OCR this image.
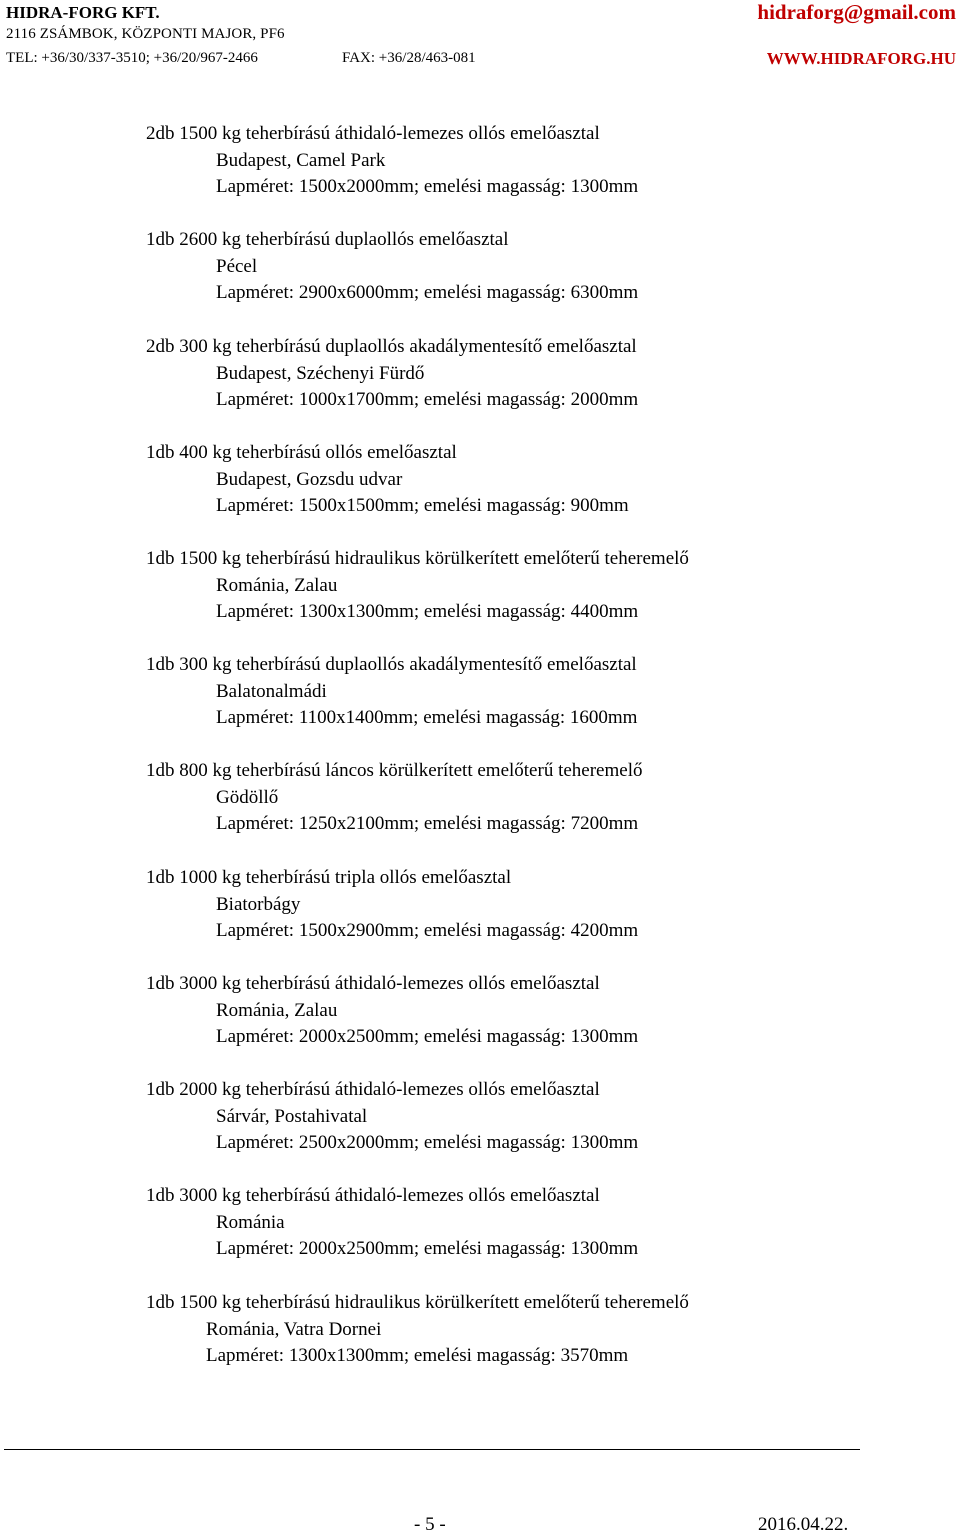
HIDRA-FORG KFT.
2116 ZSÁMBOK, KÖZPONTI MAJOR, PF6
TEL: +36/30/337-3510; +36/20/967-2466	FAX: +36/28/463-081
hidraforg@gmail.com
WWW.HIDRAFORG.HU
2db 1500 kg teherbírású áthidaló-lemezes ollós emelőasztal
Budapest, Camel Park
Lapméret: 1500x2000mm; emelési magasság: 1300mm
1db 2600 kg teherbírású duplaollós emelőasztal
Pécel
Lapméret: 2900x6000mm; emelési magasság: 6300mm
2db 300 kg teherbírású duplaollós akadálymentesítő emelőasztal
Budapest, Széchenyi Fürdő
Lapméret: 1000x1700mm; emelési magasság: 2000mm
1db 400 kg teherbírású ollós emelőasztal
Budapest, Gozsdu udvar
Lapméret: 1500x1500mm; emelési magasság: 900mm
1db 1500 kg teherbírású hidraulikus körülkerített emelőterű teheremelő
Románia, Zalau
Lapméret: 1300x1300mm; emelési magasság: 4400mm
1db 300 kg teherbírású duplaollós akadálymentesítő emelőasztal
Balatonalmádi
Lapméret: 1100x1400mm; emelési magasság: 1600mm
1db 800 kg teherbírású láncos körülkerített emelőterű teheremelő
Gödöllő
Lapméret: 1250x2100mm; emelési magasság: 7200mm
1db 1000 kg teherbírású tripla ollós emelőasztal
Biatorbágy
Lapméret: 1500x2900mm; emelési magasság: 4200mm
1db 3000 kg teherbírású áthidaló-lemezes ollós emelőasztal
Románia, Zalau
Lapméret: 2000x2500mm; emelési magasság: 1300mm
1db 2000 kg teherbírású áthidaló-lemezes ollós emelőasztal
Sárvár, Postahivatal
Lapméret: 2500x2000mm; emelési magasság: 1300mm
1db 3000 kg teherbírású áthidaló-lemezes ollós emelőasztal
Románia
Lapméret: 2000x2500mm; emelési magasság: 1300mm
1db 1500 kg teherbírású hidraulikus körülkerített emelőterű teheremelő
Románia, Vatra Dornei
Lapméret: 1300x1300mm; emelési magasság: 3570mm
- 5 -	2016.04.22.
